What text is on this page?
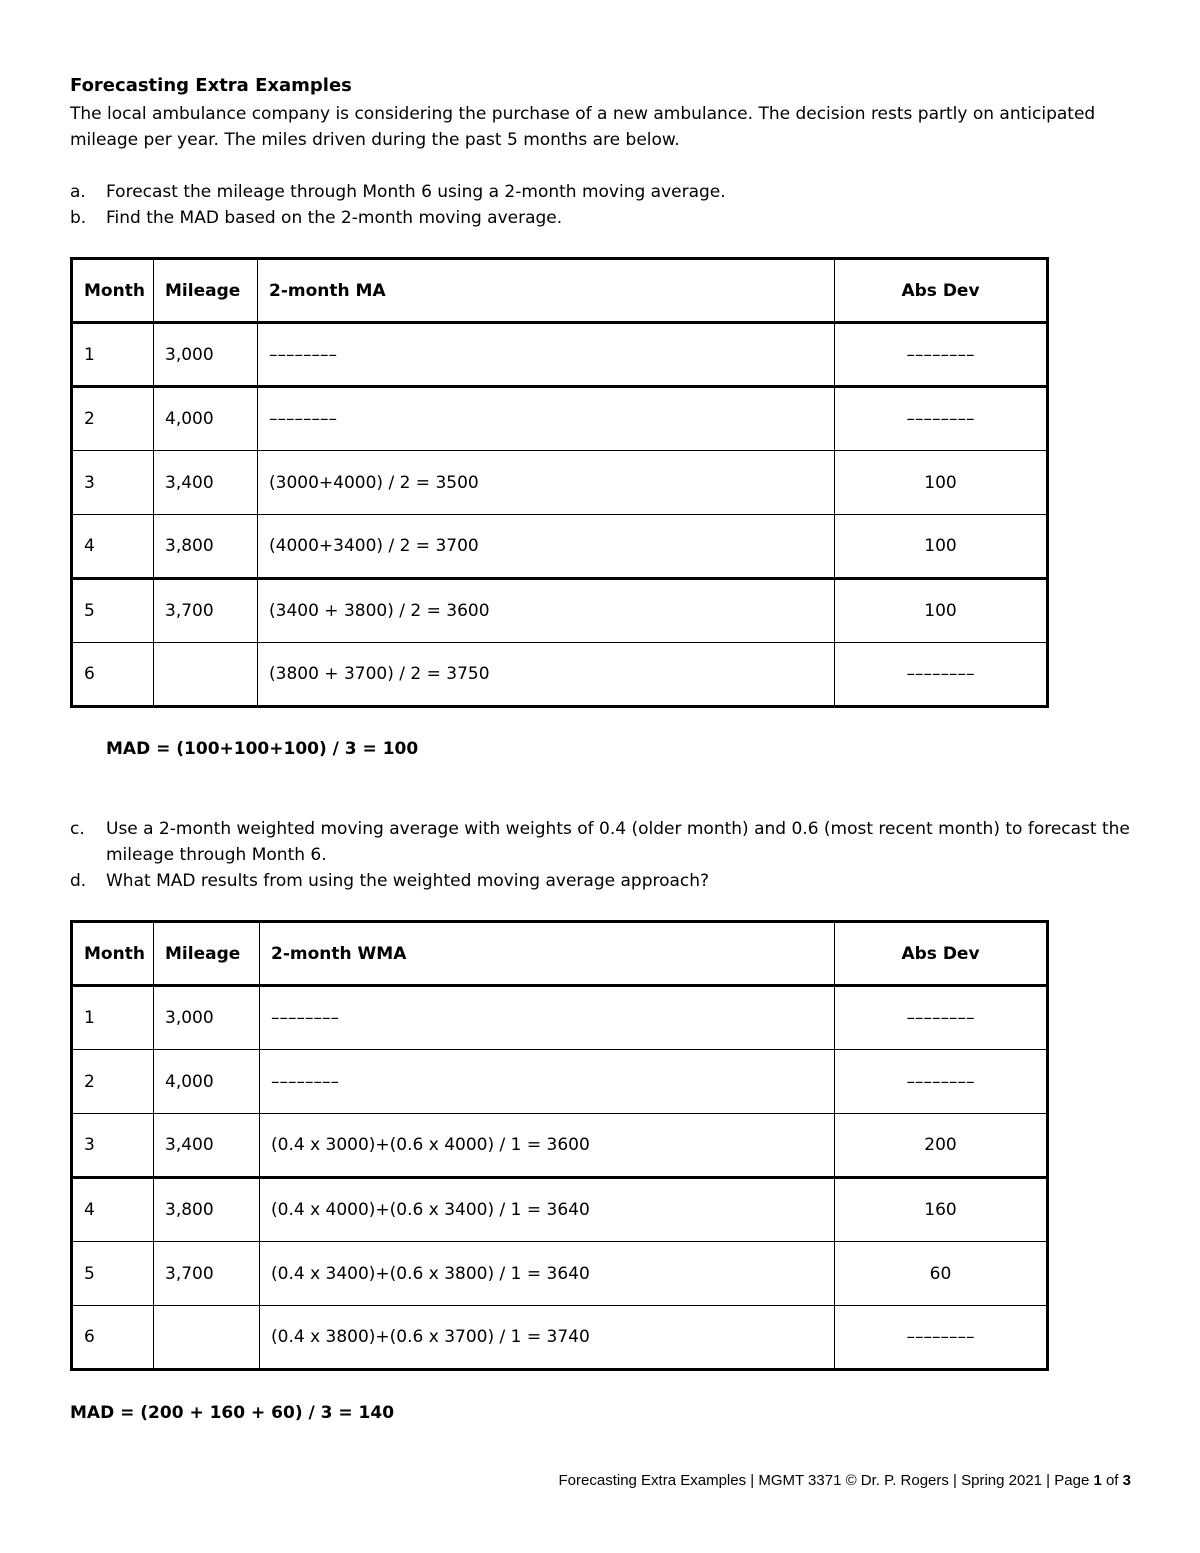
Forecasting Extra Examples
The local ambulance company is considering the purchase of a new ambulance. The decision rests partly on anticipated mileage per year. The miles driven during the past 5 months are below.
a.	Forecast the mileage through Month 6 using a 2-month moving average.
b.	Find the MAD based on the 2-month moving average.
Month	Mileage	2-month MA	Abs Dev
1	3,000	––––––––	––––––––
2	4,000	––––––––	––––––––
3	3,400	(3000+4000) / 2 = 3500	100
4	3,800	(4000+3400) / 2 = 3700	100
5	3,700	(3400 + 3800) / 2 = 3600	100
6		(3800 + 3700) / 2 = 3750	––––––––
MAD = (100+100+100) / 3 = 100
c.	Use a 2-month weighted moving average with weights of 0.4 (older month) and 0.6 (most recent month) to forecast the mileage through Month 6.
d.	What MAD results from using the weighted moving average approach?
Month	Mileage	2-month WMA	Abs Dev
1	3,000	––––––––	––––––––
2	4,000	––––––––	––––––––
3	3,400	(0.4 x 3000)+(0.6 x 4000) / 1 = 3600	200
4	3,800	(0.4 x 4000)+(0.6 x 3400) / 1 = 3640	160
5	3,700	(0.4 x 3400)+(0.6 x 3800) / 1 = 3640	60
6		(0.4 x 3800)+(0.6 x 3700) / 1 = 3740	––––––––
MAD = (200 + 160 + 60) / 3 = 140
Forecasting Extra Examples | MGMT 3371 © Dr. P. Rogers | Spring 2021 | Page 1 of 3
